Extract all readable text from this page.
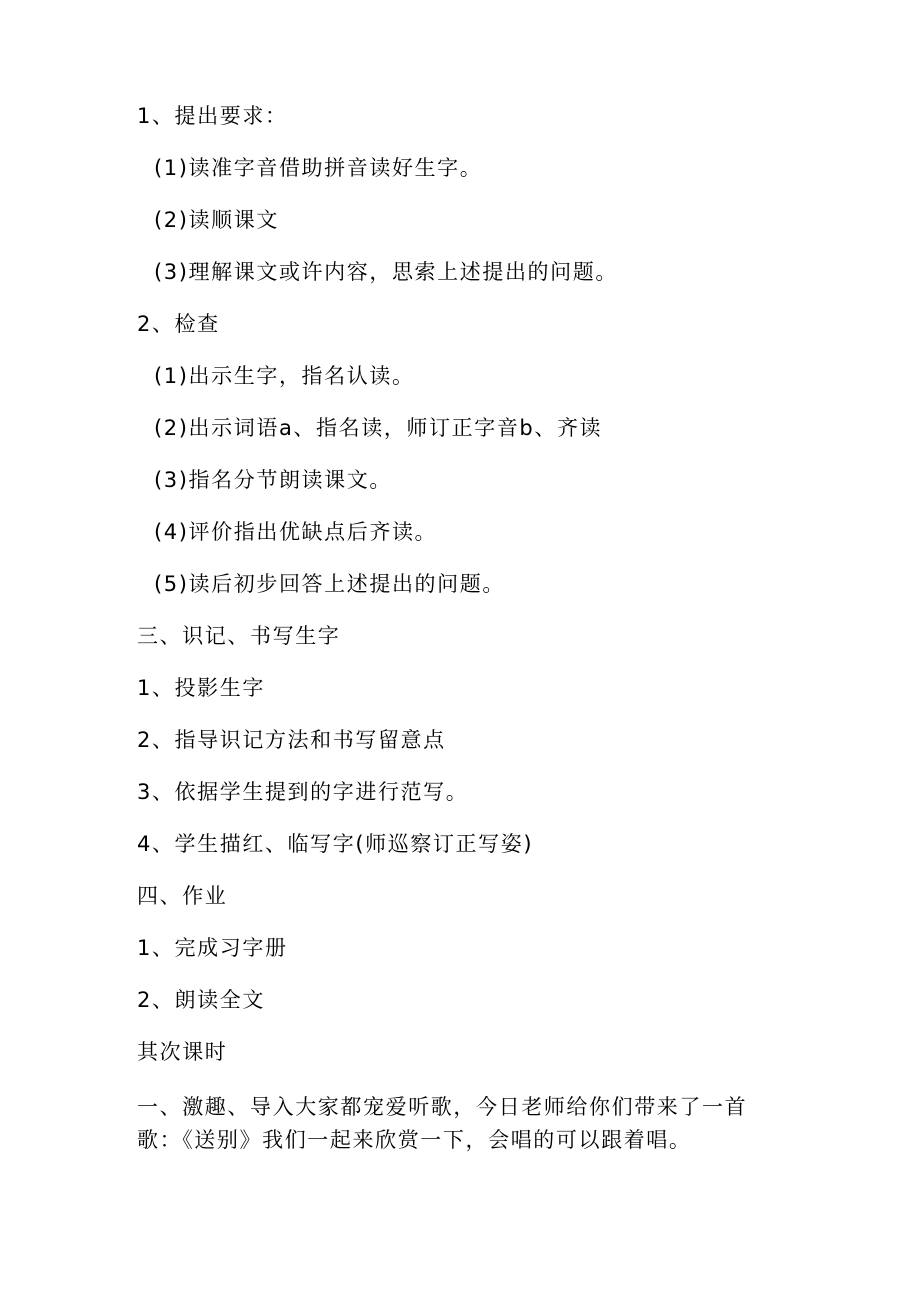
1、提出要求：
(1)读准字音借助拼音读好生字。
(2)读顺课文
(3)理解课文或许内容，思索上述提出的问题。
2、检查
(1)出示生字，指名认读。
(2)出示词语a、指名读，师订正字音b、齐读
(3)指名分节朗读课文。
(4)评价指出优缺点后齐读。
(5)读后初步回答上述提出的问题。
三、识记、书写生字
1、投影生字
2、指导识记方法和书写留意点
3、依据学生提到的字进行范写。
4、学生描红、临写字(师巡察订正写姿)
四、作业
1、完成习字册
2、朗读全文
其次课时
一、激趣、导入大家都宠爱听歌，今日老师给你们带来了一首歌：《送别》我们一起来欣赏一下，会唱的可以跟着唱。
